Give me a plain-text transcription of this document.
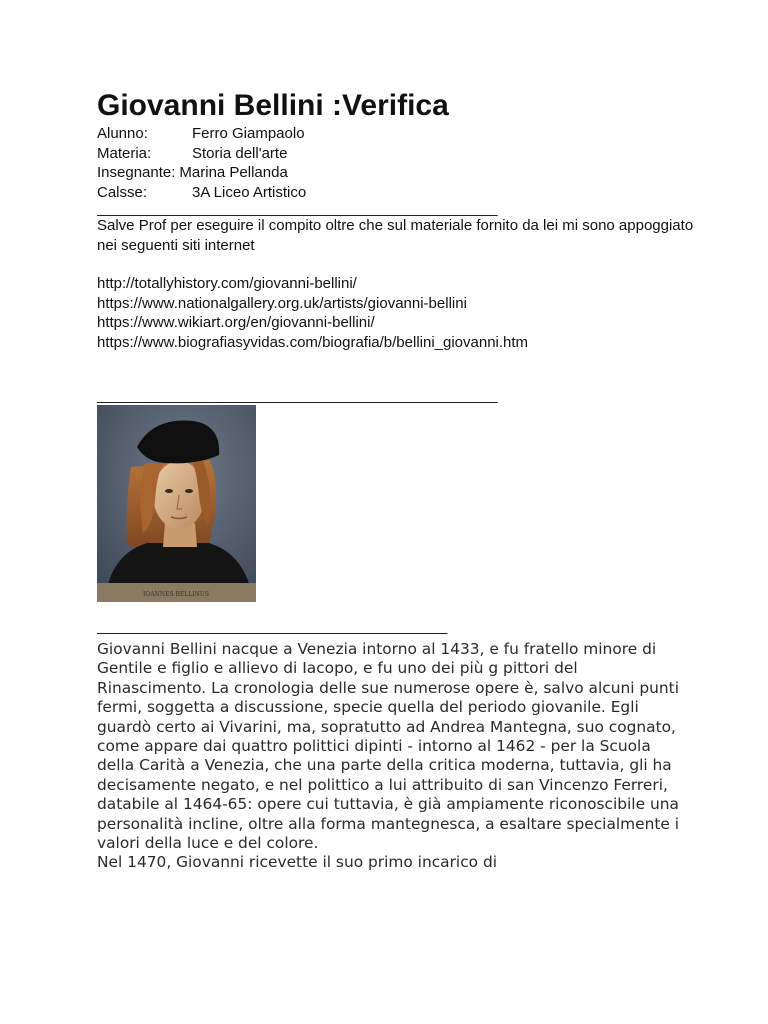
Giovanni Bellini :Verifica
Alunno:	Ferro Giampaolo
Materia:	Storia dell'arte
Insegnante: Marina Pellanda
Calsse:	3A Liceo Artistico
________________________________________________
Salve Prof per eseguire il compito oltre che sul materiale fornito da lei mi sono appoggiato nei seguenti siti internet
http://totallyhistory.com/giovanni-bellini/
https://www.nationalgallery.org.uk/artists/giovanni-bellini
https://www.wikiart.org/en/giovanni-bellini/
https://www.biografiasyvidas.com/biografia/b/bellini_giovanni.htm
________________________________________________
IOANNES BELLINUS
__________________________________________

Giovanni Bellini nacque a Venezia intorno al 1433, e fu fratello minore di Gentile e figlio e allievo di Iacopo, e fu uno dei più g pittori del Rinascimento. La cronologia delle sue numerose opere è, salvo alcuni punti fermi, soggetta a discussione, specie quella del periodo giovanile. Egli guardò certo ai Vivarini, ma, sopratutto ad Andrea Mantegna, suo cognato, come appare dai quattro polittici dipinti - intorno al 1462 - per la Scuola della Carità a Venezia, che una parte della critica moderna, tuttavia, gli ha decisamente negato, e nel polittico a lui attribuito di san Vincenzo Ferreri, databile al 1464-65: opere cui tuttavia, è già ampiamente riconoscibile una personalità incline, oltre alla forma mantegnesca, a esaltare specialmente i valori della luce e del colore.

Nel 1470, Giovanni ricevette il suo primo incarico di
